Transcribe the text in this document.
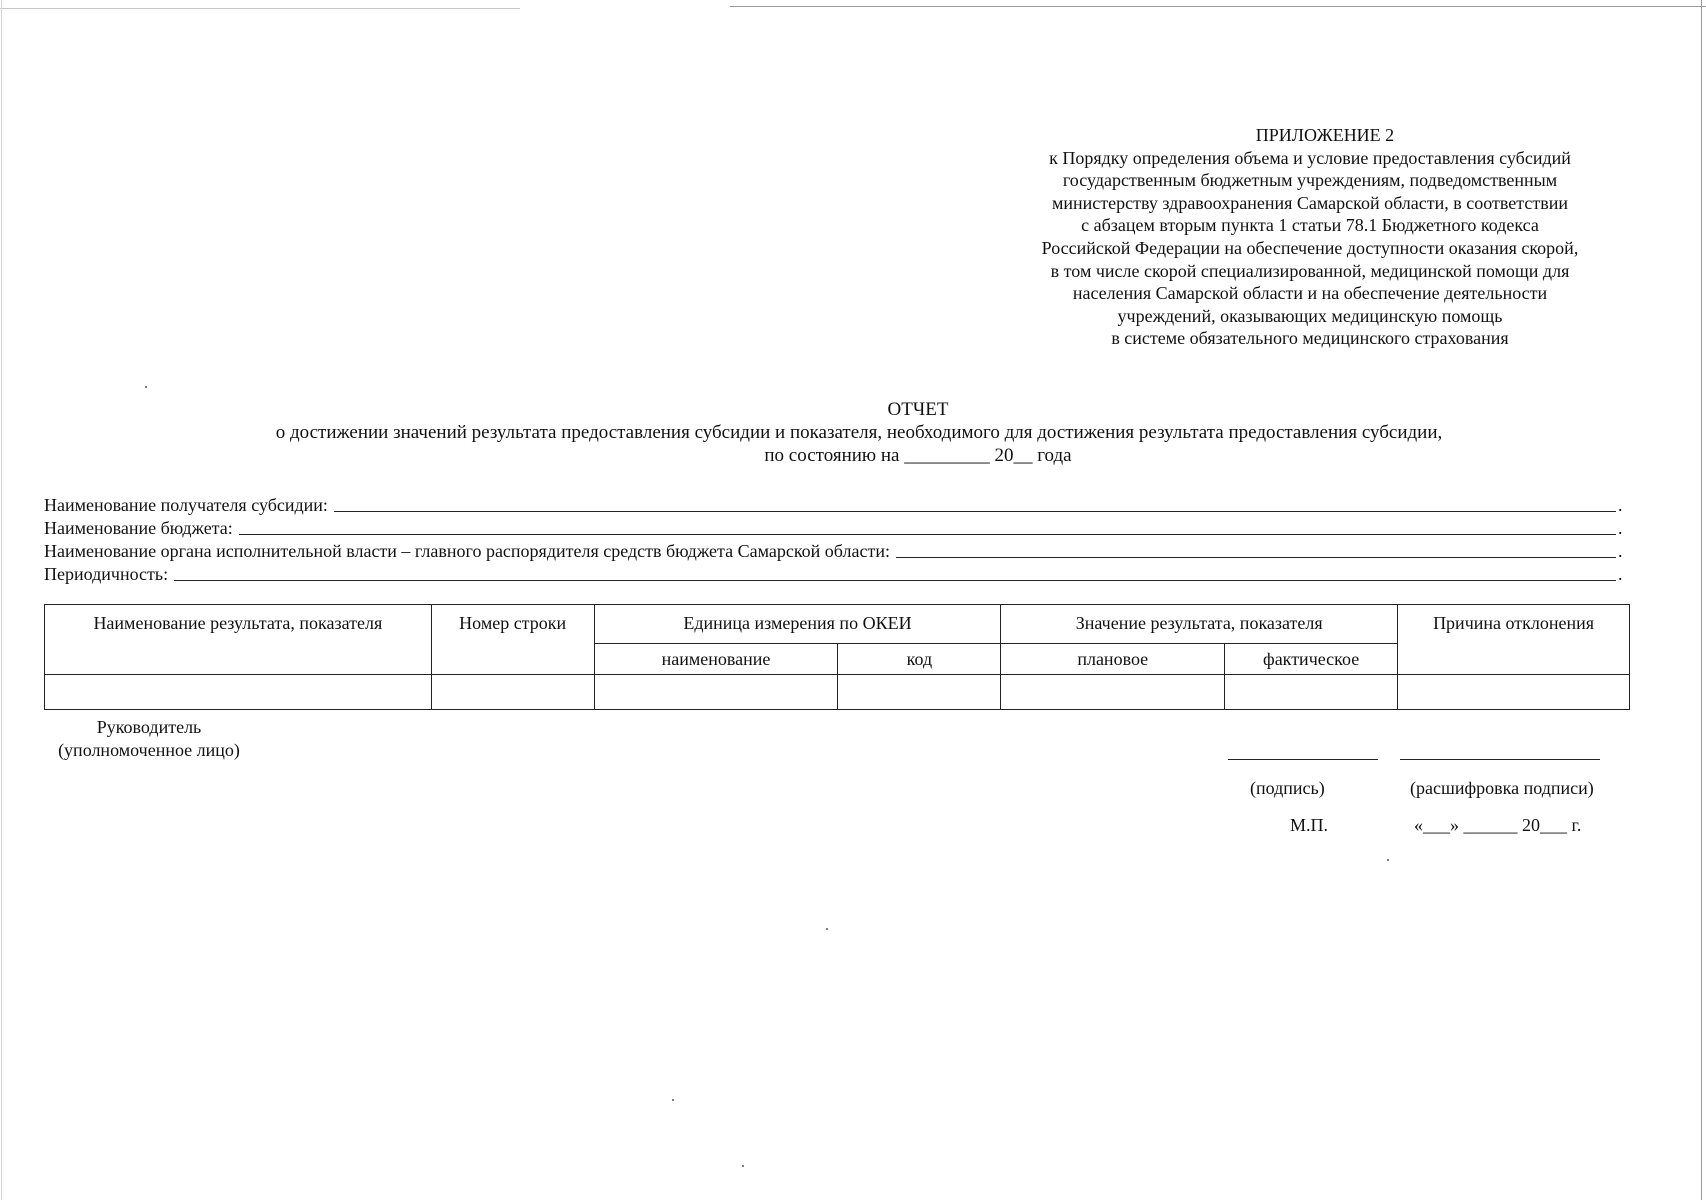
ПРИЛОЖЕНИЕ 2
к Порядку определения объема и условие предоставления субсидий
государственным бюджетным учреждениям, подведомственным
министерству здравоохранения Самарской области, в соответствии
с абзацем вторым пункта 1 статьи 78.1 Бюджетного кодекса
Российской Федерации на обеспечение доступности оказания скорой,
в том числе скорой специализированной, медицинской помощи для
населения Самарской области и на обеспечение деятельности
учреждений, оказывающих медицинскую помощь
в системе обязательного медицинского страхования
ОТЧЕТ
о достижении значений результата предоставления субсидии и показателя, необходимого для достижения результата предоставления субсидии,
по состоянию на _________ 20__ года
Наименование получателя субсидии:	.
Наименование бюджета:	.
Наименование органа исполнительной власти – главного распорядителя средств бюджета Самарской области:	.
Периодичность:	.
Наименование результата, показателя	Номер строки	Единица измерения по ОКЕИ		Значение результата, показателя		Причина отклонения
		наименование	код	плановое	фактическое	

Руководитель
(уполномоченное лицо)
(подпись)	(расшифровка подписи)
М.П.	«___» ______ 20___ г.
